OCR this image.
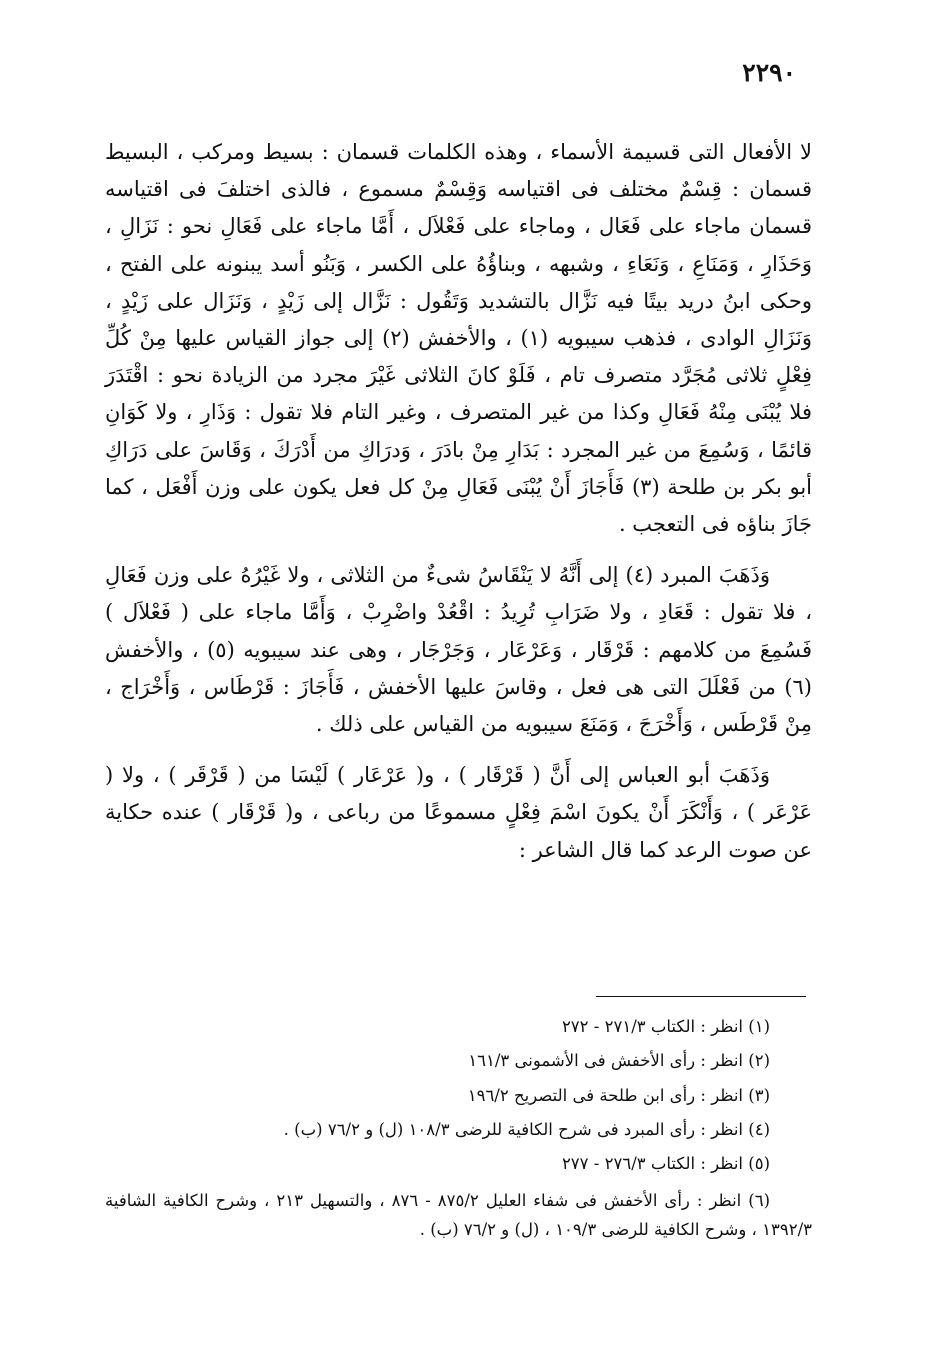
٢٢٩٠

لا الأفعال التى قسيمة الأسماء ، وهذه الكلمات قسمان : بسيط ومركب ، البسيط قسمان : قِسْمٌ مختلف فى اقتياسه وَقِسْمٌ مسموع ، فالذى اختلفَ فى اقتياسه قسمان ماجاء على فَعَال ، وماجاء على فَعْلاَل ، أَمَّا ماجاء على فَعَالِ نحو : نَزَالِ ، وَحَذَارِ ، وَمَنَاعِ ، وَنَعَاءِ ، وشبهه ، وبناؤُهُ على الكسر ، وَبَنُو أسد يبنونه على الفتح ، وحكى ابنُ دريد بيتًا فيه نَزَّال بالتشديد وَتَقُول : نَزَّال إلى زَيْدٍ ، وَنَزَال على زَيْدٍ ، وَنَزَالِ الوادى ، فذهب سيبويه (١) ، والأخفش (٢) إلى جواز القياس عليها مِنْ كُلِّ فِعْلٍ ثلاثى مُجَرَّد متصرف تام ، فَلَوْ كانَ الثلاثى غَيْرَ مجرد من الزيادة نحو : اقْتَدَرَ فلا يُبْنَى مِنْهُ فَعَالِ وكذا من غير المتصرف ، وغير التام فلا تقول : وَذَارِ ، ولا كَوَانِ قائمًا ، وَسُمِعَ من غير المجرد : بَدَارِ مِنْ بادَرَ ، وَدرَاكِ من أَدْرَكَ ، وَقَاسَ على دَرَاكِ أبو بكر بن طلحة (٣) فَأَجَازَ أَنْ يُبْنَى فَعَالِ مِنْ كل فعل يكون على وزن أَفْعَل ، كما جَازَ بناؤه فى التعجب .

وَذَهَبَ المبرد (٤) إلى أَنَّهُ لا يَنْقَاسُ شىءٌ من الثلاثى ، ولا غَيْرُهُ على وزن فَعَالِ ، فلا تقول : قَعَادِ ، ولا ضَرَابِ تُرِيدُ : اقْعُدْ واضْرِبْ ، وَأَمَّا ماجاء على ( فَعْلاَل ) فَسُمِعَ من كلامهم : قَرْقَار ، وَعَرْعَار ، وَجَرْجَار ، وهى عند سيبويه (٥) ، والأخفش (٦) من فَعْلَلَ التى هى فعل ، وقاسَ عليها الأخفش ، فَأَجَازَ : قَرْطَاس ، وَأَخْرَاج ، مِنْ قَرْطَس ، وَأَخْرَجَ ، وَمَنَعَ سيبويه من القياس على ذلك .

وَذَهَبَ أبو العباس إلى أَنَّ ( قَرْقَار ) ، و( عَرْعَار ) لَيْسَا من ( قَرْقَر ) ، ولا ( عَرْعَر ) ، وَأَنْكَرَ أَنْ يكونَ اسْمَ فِعْلٍ مسموعًا من رباعى ، و( قَرْقَار ) عنده حكاية عن صوت الرعد كما قال الشاعر :

(١) انظر : الكتاب ٢٧١/٣ - ٢٧٢

(٢) انظر : رأى الأخفش فى الأشمونى ١٦١/٣

(٣) انظر : رأى ابن طلحة فى التصريح ١٩٦/٢

(٤) انظر : رأى المبرد فى شرح الكافية للرضى ١٠٨/٣ (ل) و ٧٦/٢ (ب) .

(٥) انظر : الكتاب ٢٧٦/٣ - ٢٧٧

(٦) انظر : رأى الأخفش فى شفاء العليل ٨٧٥/٢ - ٨٧٦ ، والتسهيل ٢١٣ ، وشرح الكافية الشافية ١٣٩٢/٣ ، وشرح الكافية للرضى ١٠٩/٣ ، (ل) و ٧٦/٢ (ب) .
